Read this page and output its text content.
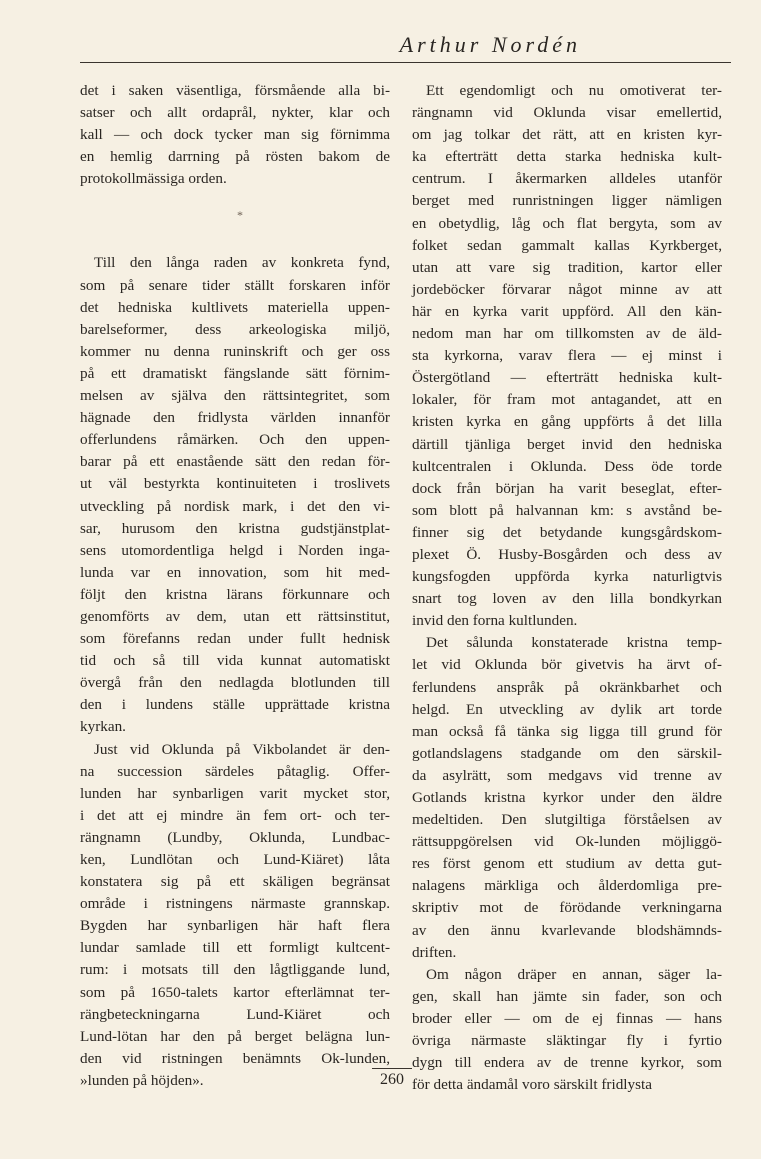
Arthur Nordén
det i saken väsentliga, försmående alla bi-
satser och allt ordaprål, nykter, klar och
kall — och dock tycker man sig förnimma
en hemlig darrning på rösten bakom de
protokollmässiga orden.
*
Till den långa raden av konkreta fynd,
som på senare tider ställt forskaren inför
det hedniska kultlivets materiella uppen-
barelseformer, dess arkeologiska miljö,
kommer nu denna runinskrift och ger oss
på ett dramatiskt fängslande sätt förnim-
melsen av själva den rättsintegritet, som
hägnade den fridlysta världen innanför
offerlundens råmärken. Och den uppen-
barar på ett enastående sätt den redan för-
ut väl bestyrkta kontinuiteten i troslivets
utveckling på nordisk mark, i det den vi-
sar, hurusom den kristna gudstjänstplat-
sens utomordentliga helgd i Norden inga-
lunda var en innovation, som hit med-
följt den kristna lärans förkunnare och
genomförts av dem, utan ett rättsinstitut,
som förefanns redan under fullt hednisk
tid och så till vida kunnat automatiskt
övergå från den nedlagda blotlunden till
den i lundens ställe upprättade kristna
kyrkan.
Just vid Oklunda på Vikbolandet är den-
na succession särdeles påtaglig. Offer-
lunden har synbarligen varit mycket stor,
i det att ej mindre än fem ort- och ter-
rängnamn (Lundby, Oklunda, Lundbac-
ken, Lundlötan och Lund-Kiäret) låta
konstatera sig på ett skäligen begränsat
område i ristningens närmaste grannskap.
Bygden har synbarligen här haft flera
lundar samlade till ett formligt kultcent-
rum: i motsats till den lågtliggande lund,
som på 1650-talets kartor efterlämnat ter-
rängbeteckningarna Lund-Kiäret och
Lund-lötan har den på berget belägna lun-
den vid ristningen benämnts Ok-lunden,
»lunden på höjden».
Ett egendomligt och nu omotiverat ter-
rängnamn vid Oklunda visar emellertid,
om jag tolkar det rätt, att en kristen kyr-
ka efterträtt detta starka hedniska kult-
centrum. I åkermarken alldeles utanför
berget med runristningen ligger nämligen
en obetydlig, låg och flat bergyta, som av
folket sedan gammalt kallas Kyrkberget,
utan att vare sig tradition, kartor eller
jordeböcker förvarar något minne av att
här en kyrka varit uppförd. All den kän-
nedom man har om tillkomsten av de äld-
sta kyrkorna, varav flera — ej minst i
Östergötland — efterträtt hedniska kult-
lokaler, för fram mot antagandet, att en
kristen kyrka en gång uppförts å det lilla
därtill tjänliga berget invid den hedniska
kultcentralen i Oklunda. Dess öde torde
dock från början ha varit beseglat, efter-
som blott på halvannan km: s avstånd be-
finner sig det betydande kungsgårdskom-
plexet Ö. Husby-Bosgården och dess av
kungsfogden uppförda kyrka naturligtvis
snart tog loven av den lilla bondkyrkan
invid den forna kultlunden.
Det sålunda konstaterade kristna temp-
let vid Oklunda bör givetvis ha ärvt of-
ferlundens anspråk på okränkbarhet och
helgd. En utveckling av dylik art torde
man också få tänka sig ligga till grund för
gotlandslagens stadgande om den särskil-
da asylrätt, som medgavs vid trenne av
Gotlands kristna kyrkor under den äldre
medeltiden. Den slutgiltiga förståelsen av
rättsuppgörelsen vid Ok-lunden möjliggö-
res först genom ett studium av detta gut-
nalagens märkliga och ålderdomliga pre-
skriptiv mot de förödande verkningarna
av den ännu kvarlevande blodshämnds-
driften.
Om någon dräper en annan, säger la-
gen, skall han jämte sin fader, son och
broder eller — om de ej finnas — hans
övriga närmaste släktingar fly i fyrtio
dygn till endera av de trenne kyrkor, som
för detta ändamål voro särskilt fridlysta
260
